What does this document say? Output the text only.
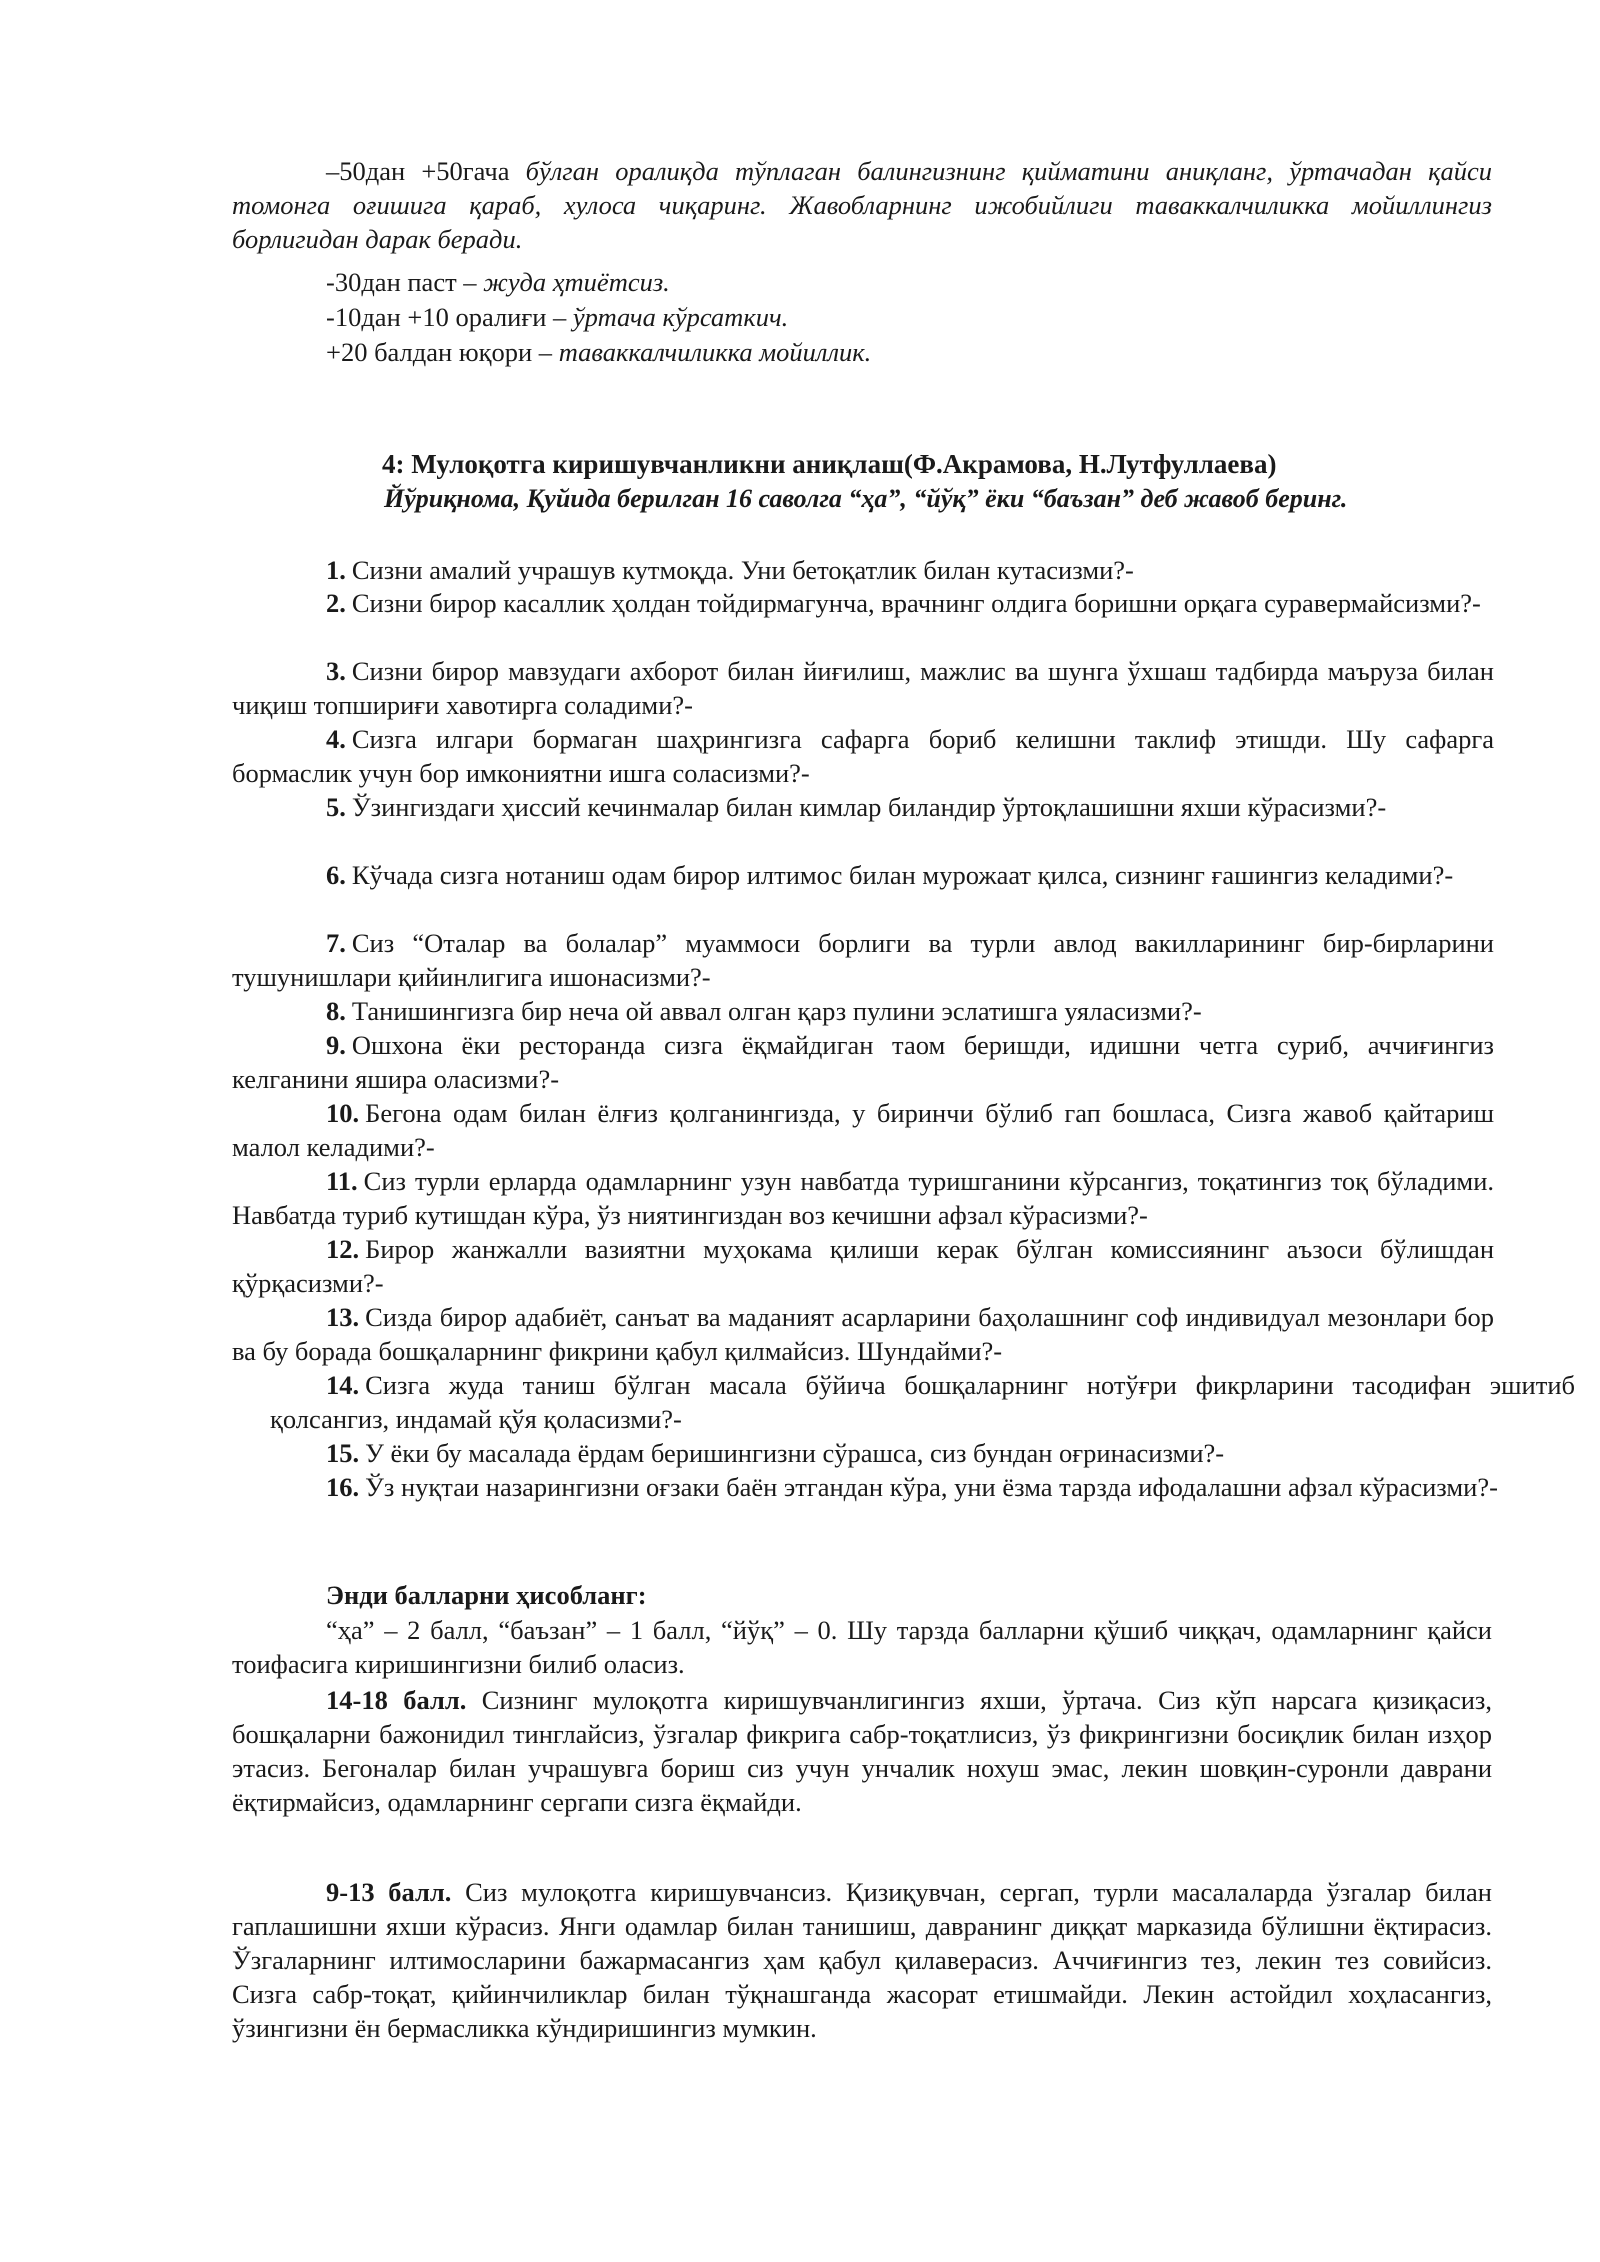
–50дан +50гача бўлган оралиқда тўплаган балингизнинг қийматини аниқланг, ўртачадан қайси томонга оғишига қараб, хулоса чиқаринг. Жавобларнинг ижобийлиги таваккалчиликка мойиллингиз борлигидан дарак беради.

-30дан паст – жуда ҳтиётсиз.
-10дан +10 оралиғи – ўртача кўрсаткич.
+20 балдан юқори – таваккалчиликка мойиллик.
4: Мулоқотга киришувчанликни аниқлаш(Ф.Акрамова, Н.Лутфуллаева)
Йўриқнома, Қуйида берилган 16 саволга “ҳа”, “йўқ” ёки “баъзан” деб жавоб беринг.

1. Сизни амалий учрашув кутмоқда. Уни бетоқатлик билан кутасизми?-

2. Сизни бирор касаллик ҳолдан тойдирмагунча, врачнинг олдига боришни орқага суравермайсизми?-

3. Сизни бирор мавзудаги ахборот билан йиғилиш, мажлис ва шунга ўхшаш тадбирда маъруза билан чиқиш топшириғи хавотирга соладими?-

4. Сизга илгари бормаган шаҳрингизга сафарга бориб келишни таклиф этишди. Шу сафарга бормаслик учун бор имкониятни ишга соласизми?-

5. Ўзингиздаги ҳиссий кечинмалар билан кимлар биландир ўртоқлашишни яхши кўрасизми?-

6. Кўчада сизга нотаниш одам бирор илтимос билан мурожаат қилса, сизнинг ғашингиз келадими?-

7. Сиз “Оталар ва болалар” муаммоси борлиги ва турли авлод вакилларининг бир-бирларини тушунишлари қийинлигига ишонасизми?-

8. Танишингизга бир неча ой аввал олган қарз пулини эслатишга уяласизми?-

9. Ошхона ёки ресторанда сизга ёқмайдиган таом беришди, идишни четга суриб, аччиғингиз келганини яшира оласизми?-

10. Бегона одам билан ёлғиз қолганингизда, у биринчи бўлиб гап бошласа, Сизга жавоб қайтариш малол келадими?-

11. Сиз турли ерларда одамларнинг узун навбатда туришганини кўрсангиз, тоқатингиз тоқ бўладими. Навбатда туриб кутишдан кўра, ўз ниятингиздан воз кечишни афзал кўрасизми?-

12. Бирор жанжалли вазиятни муҳокама қилиши керак бўлган комиссиянинг аъзоси бўлишдан қўрқасизми?-

13. Сизда бирор адабиёт, санъат ва маданият асарларини баҳолашнинг соф индивидуал мезонлари бор ва бу борада бошқаларнинг фикрини қабул қилмайсиз. Шундайми?-

14. Сизга жуда таниш бўлган масала бўйича бошқаларнинг нотўғри фикрларини тасодифан эшитиб қолсангиз, индамай қўя қоласизми?-

15. У ёки бу масалада ёрдам беришингизни сўрашса, сиз бундан оғринасизми?-

16. Ўз нуқтаи назарингизни оғзаки баён этгандан кўра, уни ёзма тарзда ифодалашни афзал кўрасизми?-

Энди балларни ҳисобланг:

“ҳа” – 2 балл, “баъзан” – 1 балл, “йўқ” – 0. Шу тарзда балларни қўшиб чиққач, одамларнинг қайси тоифасига киришингизни билиб оласиз.

14-18 балл. Сизнинг мулоқотга киришувчанлигингиз яхши, ўртача. Сиз кўп нарсага қизиқасиз, бошқаларни бажонидил тинглайсиз, ўзгалар фикрига сабр-тоқатлисиз, ўз фикрингизни босиқлик билан изҳор этасиз. Бегоналар билан учрашувга бориш сиз учун унчалик нохуш эмас, лекин шовқин-суронли даврани ёқтирмайсиз, одамларнинг сергапи сизга ёқмайди.

9-13 балл. Сиз мулоқотга киришувчансиз. Қизиқувчан, сергап, турли масалаларда ўзгалар билан гаплашишни яхши кўрасиз. Янги одамлар билан танишиш, давранинг диққат марказида бўлишни ёқтирасиз. Ўзгаларнинг илтимосларини бажармасангиз ҳам қабул қилаверасиз. Аччиғингиз тез, лекин тез совийсиз. Сизга сабр-тоқат, қийинчиликлар билан тўқнашганда жасорат етишмайди. Лекин астойдил хоҳласангиз, ўзингизни ён бермасликка кўндиришингиз мумкин.
